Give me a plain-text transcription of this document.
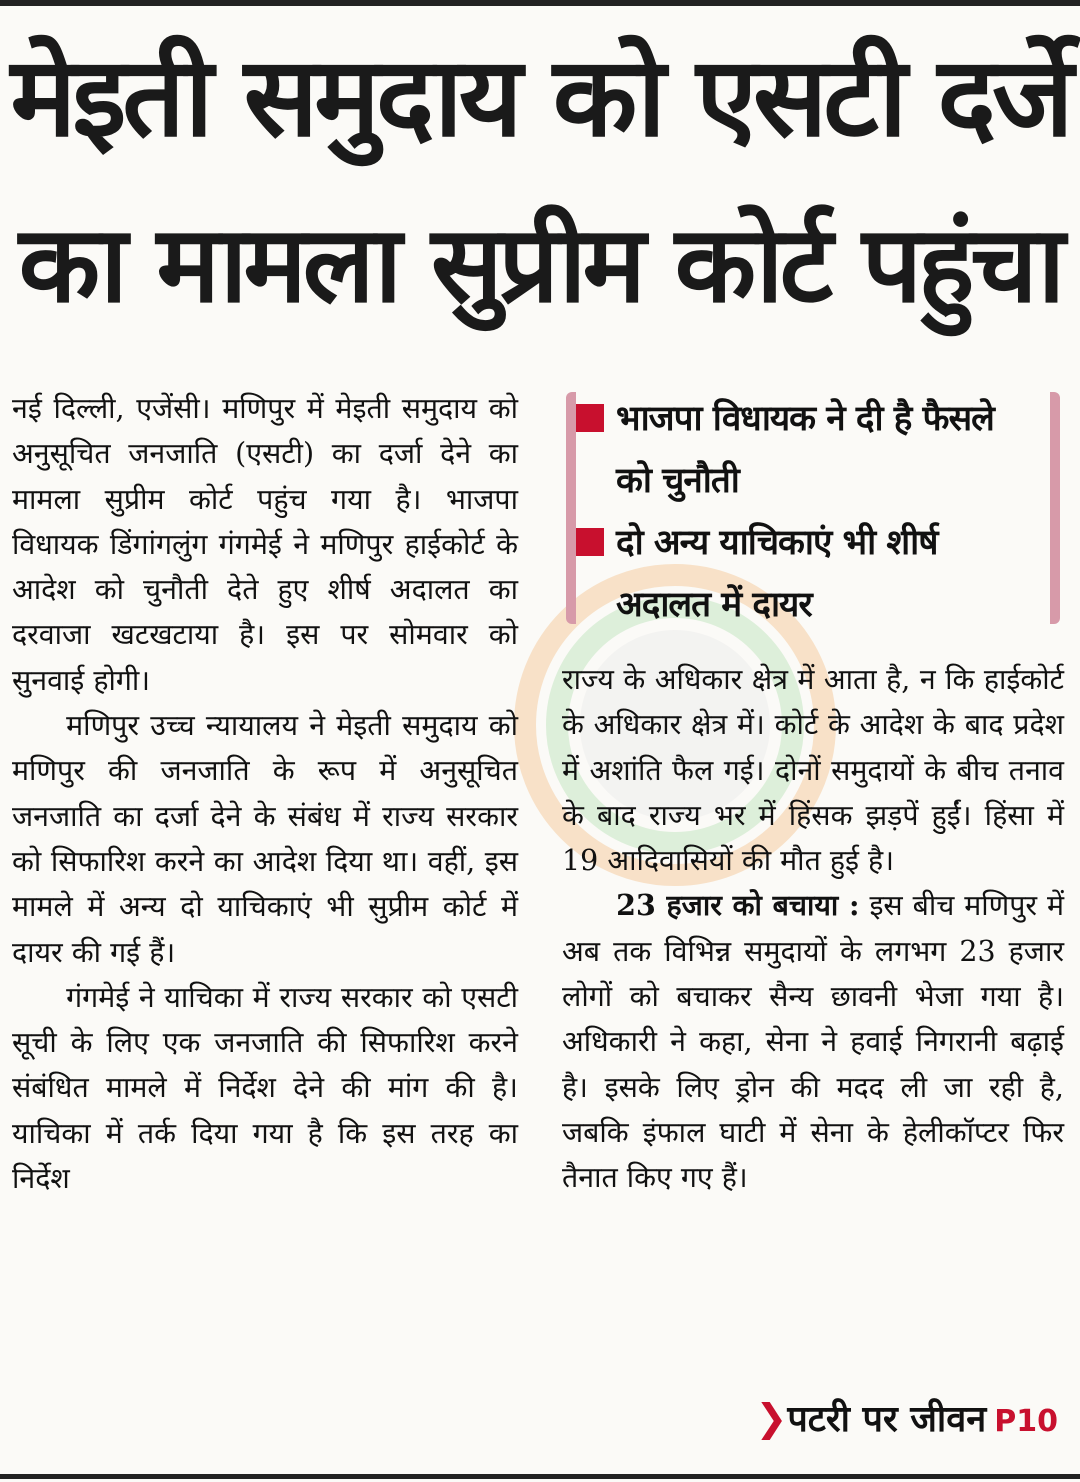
मेइती समुदाय को एसटी दर्जे
का मामला सुप्रीम कोर्ट पहुंचा

नई दिल्ली, एजेंसी। मणिपुर में मेइती समुदाय को अनुसूचित जनजाति (एसटी) का दर्जा देने का मामला सुप्रीम कोर्ट पहुंच गया है। भाजपा विधायक डिंगांगलुंग गंगमेई ने मणिपुर हाईकोर्ट के आदेश को चुनौती देते हुए शीर्ष अदालत का दरवाजा खटखटाया है। इस पर सोमवार को सुनवाई होगी।

मणिपुर उच्च न्यायालय ने मेइती समुदाय को मणिपुर की जनजाति के रूप में अनुसूचित जनजाति का दर्जा देने के संबंध में राज्य सरकार को सिफारिश करने का आदेश दिया था। वहीं, इस मामले में अन्य दो याचिकाएं भी सुप्रीम कोर्ट में दायर की गई हैं।

गंगमेई ने याचिका में राज्य सरकार को एसटी सूची के लिए एक जनजाति की सिफारिश करने संबंधित मामले में निर्देश देने की मांग की है। याचिका में तर्क दिया गया है कि इस तरह का निर्देश

भाजपा विधायक ने दी है फैसले को चुनौती
दो अन्य याचिकाएं भी शीर्ष अदालत में दायर

राज्य के अधिकार क्षेत्र में आता है, न कि हाईकोर्ट के अधिकार क्षेत्र में। कोर्ट के आदेश के बाद प्रदेश में अशांति फैल गई। दोनों समुदायों के बीच तनाव के बाद राज्य भर में हिंसक झड़पें हुईं। हिंसा में 19 आदिवासियों की मौत हुई है।

23 हजार को बचाया : इस बीच मणिपुर में अब तक विभिन्न समुदायों के लगभग 23 हजार लोगों को बचाकर सैन्य छावनी भेजा गया है। अधिकारी ने कहा, सेना ने हवाई निगरानी बढ़ाई है। इसके लिए ड्रोन की मदद ली जा रही है, जबकि इंफाल घाटी में सेना के हेलीकॉप्टर फिर तैनात किए गए हैं।

❯पटरी पर जीवन P10
